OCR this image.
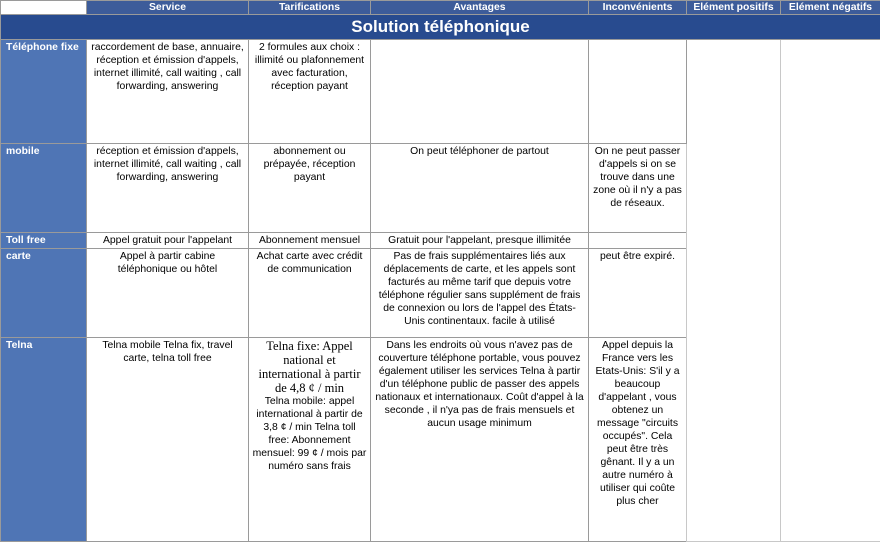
	Service	Tarifications	Avantages	Inconvénients	Elément positifs	Elément négatifs
Solution téléphonique						
Téléphone fixe	raccordement de base, annuaire, réception et émission d'appels, internet illimité, call waiting , call forwarding, answering	2 formules aux choix : illimité ou plafonnement avec facturation, réception payant				
mobile	réception et émission d'appels, internet illimité, call waiting , call forwarding, answering	abonnement ou prépayée, réception payant	On peut téléphoner de partout	On ne peut passer d'appels si on se trouve dans une zone où il n'y a pas de réseaux.		
Toll free	Appel gratuit pour l'appelant	Abonnement mensuel	Gratuit pour l'appelant, presque illimitée			
carte	Appel à partir cabine téléphonique ou hôtel	Achat carte avec crédit de communication	Pas de frais supplémentaires liés aux déplacements de carte, et les appels sont facturés au même tarif que depuis votre téléphone régulier sans supplément de frais de connexion ou lors de l'appel des États-Unis continentaux. facile à utilisé	peut être expiré.		
Telna	Telna mobile Telna fix, travel carte, telna toll free	Telna fixe: Appel national et international à partir de 4,8 ¢ / min
Telna mobile: appel international à partir de 3,8 ¢ / min Telna toll free: Abonnement mensuel: 99 ¢ / mois par numéro sans frais	Dans les endroits où vous n'avez pas de couverture téléphone portable, vous pouvez également utiliser les services Telna à partir d'un téléphone public de passer des appels nationaux et internationaux. Coût d'appel à la seconde , il n'ya pas de frais mensuels et aucun usage minimum	Appel depuis la France vers les Etats-Unis: S'il y a beaucoup d'appelant , vous obtenez un message "circuits occupés". Cela peut être très gênant. Il y a un autre numéro à utiliser qui coûte plus cher		
